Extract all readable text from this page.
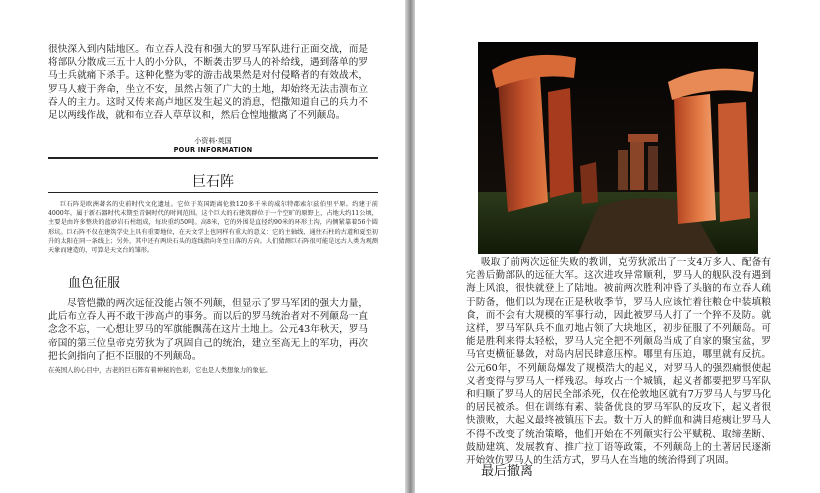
很快深入到内陆地区。布立吞人没有和强大的罗马军队进行正面交战，而是将部队分散成三五十人的小分队，不断袭击罗马人的补给线，遇到落单的罗马士兵就痛下杀手。这种化整为零的游击战果然是对付侵略者的有效战术，罗马人疲于奔命，坐立不安，虽然占领了广大的土地，却始终无法击溃布立吞人的主力。这时又传来高卢地区发生起义的消息，恺撒知道自己的兵力不足以两线作战，就和布立吞人草草议和，然后仓惶地撤离了不列颠岛。

小资料·英国
POUR INFORMATION
巨石阵

巨石阵是欧洲著名的史前时代文化遗址。它位于英国距离伦敦120多千米的威尔特郡索尔兹伯里平原。约建于前4000年，属于新石器时代末期至青铜时代的时间范围。这个巨大的石建筑群位于一个空旷的原野上，占地大约11公顷，主要是由许多整块的蓝砂岩石柱组成，每块重约50吨。高8米，它的外围是直径约90米的环形土沟，内侧紧靠着56个圆形坑。巨石阵不仅在建筑学史上具有重要地位，在天文学上也同样有重大的意义：它的主轴线、通往石柱的古道和夏至初升的太阳在同一条线上；另外，其中还有两块石头的连线指向冬至日落的方向。人们猜测巨石阵很可能是远古人类为观测天象而建造的，可算是天文台的雏形。

血色征服

尽管恺撒的两次远征没能占领不列颠，但显示了罗马军团的强大力量，此后布立吞人再不敢干涉高卢的事务。而以后的罗马统治者对不列颠岛一直念念不忘，一心想让罗马的军旗能飘荡在这片土地上。公元43年秋天，罗马帝国的第三位皇帝克劳狄为了巩固自己的统治，建立至高无上的军功，再次把长剑指向了拒不臣服的不列颠岛。

在英国人的心目中，古老的巨石阵有着神秘的色彩，它也是人类想象力的象征。

吸取了前两次远征失败的教训，克劳狄派出了一支4万多人、配备有完善后勤部队的远征大军。这次进攻异常顺利，罗马人的舰队没有遇到海上风浪，很快就登上了陆地。被前两次胜利冲昏了头脑的布立吞人疏于防备，他们以为现在正是秋收季节，罗马人应该忙着往粮仓中装填粮食，而不会有大规模的军事行动，因此被罗马人打了一个猝不及防。就这样，罗马军队兵不血刃地占领了大块地区，初步征服了不列颠岛。可能是胜利来得太轻松，罗马人完全把不列颠岛当成了自家的聚宝盆，罗马官吏横征暴敛，对岛内居民肆意压榨。哪里有压迫，哪里就有反抗。公元60年，不列颠岛爆发了规模浩大的起义，对罗马人的强烈痛恨使起义者变得与罗马人一样残忍。每攻占一个城镇，起义者都要把罗马军队和归顺了罗马人的居民全部杀死，仅在伦敦地区就有7万罗马人与罗马化的居民被杀。但在训练有素、装备优良的罗马军队的反攻下，起义者很快溃败，大起义最终被镇压下去。数十万人的鲜血和满目疮痍让罗马人不得不改变了统治策略，他们开始在不列颠实行公平赋税、取缔垄断、鼓励建筑、发展教育、推广拉丁语等政策，不列颠岛上的土著居民逐渐开始效仿罗马人的生活方式，罗马人在当地的统治得到了巩固。

最后撤离
